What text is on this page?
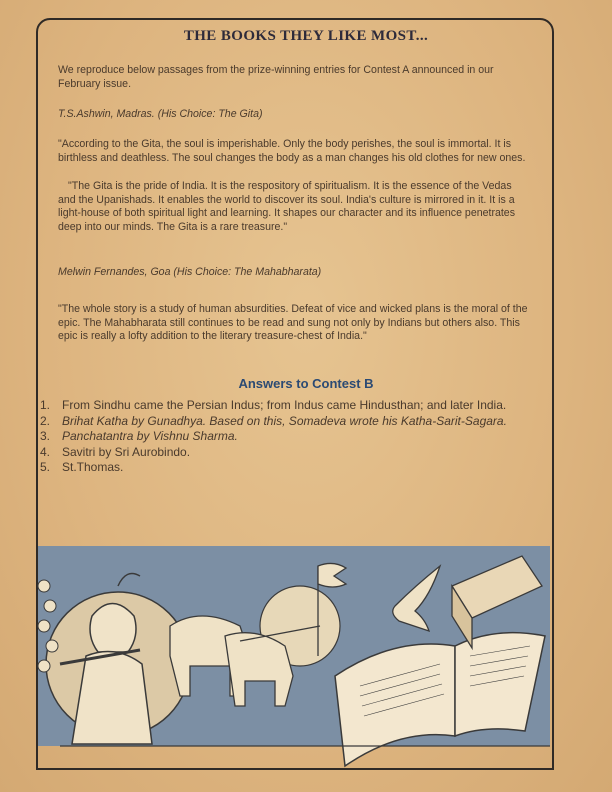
THE BOOKS THEY LIKE MOST...

We reproduce below passages from the prize-winning entries for Contest A announced in our February issue.

T.S.Ashwin, Madras. (His Choice: The Gita)

"According to the Gita, the soul is imperishable. Only the body perishes, the soul is immortal. It is birthless and deathless. The soul changes the body as a man changes his old clothes for new ones.

"The Gita is the pride of India. It is the respository of spiritualism. It is the essence of the Vedas and the Upanishads. It enables the world to discover its soul. India's culture is mirrored in it. It is a light-house of both spiritual light and learning. It shapes our character and its influence penetrates deep into our minds. The Gita is a rare treasure."

Melwin Fernandes, Goa (His Choice: The Mahabharata)

"The whole story is a study of human absurdities. Defeat of vice and wicked plans is the moral of the epic. The Mahabharata still continues to be read and sung not only by Indians but others also. This epic is really a lofty addition to the literary treasure-chest of India."

Answers to Contest B
1. From Sindhu came the Persian Indus; from Indus came Hindusthan; and later India.
2. Brihat Katha by Gunadhya. Based on this, Somadeva wrote his Katha-Sarit-Sagara.
3. Panchatantra by Vishnu Sharma.
4. Savitri by Sri Aurobindo.
5. St.Thomas.
